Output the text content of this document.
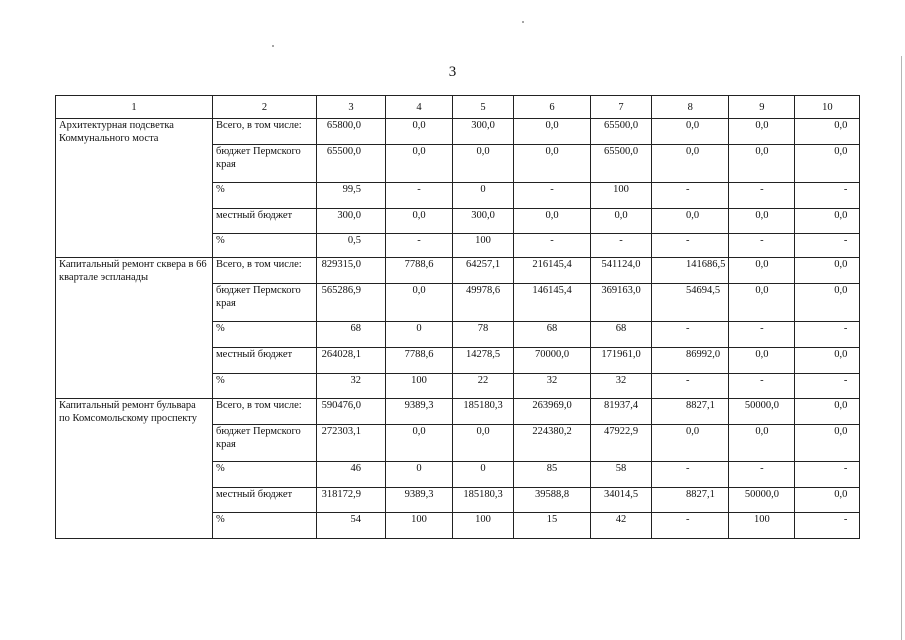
3
1	2	3	4	5	6	7	8	9	10
Архитектурная подсветка Коммунального моста	Всего, в том числе:	65800,0	0,0	300,0	0,0	65500,0	0,0	0,0	0,0
	бюджет Пермского края	65500,0	0,0	0,0	0,0	65500,0	0,0	0,0	0,0
	%	99,5	-	0	-	100	-	-	-
	местный бюджет	300,0	0,0	300,0	0,0	0,0	0,0	0,0	0,0
	%	0,5	-	100	-	-	-	-	-
Капитальный ремонт сквера в 66 квартале эспланады	Всего, в том числе:	829315,0	7788,6	64257,1	216145,4	541124,0	141686,5	0,0	0,0
	бюджет Пермского края	565286,9	0,0	49978,6	146145,4	369163,0	54694,5	0,0	0,0
	%	68	0	78	68	68	-	-	-
	местный бюджет	264028,1	7788,6	14278,5	70000,0	171961,0	86992,0	0,0	0,0
	%	32	100	22	32	32	-	-	-
Капитальный ремонт бульвара по Комсомольскому проспекту	Всего, в том числе:	590476,0	9389,3	185180,3	263969,0	81937,4	8827,1	50000,0	0,0
	бюджет Пермского края	272303,1	0,0	0,0	224380,2	47922,9	0,0	0,0	0,0
	%	46	0	0	85	58	-	-	-
	местный бюджет	318172,9	9389,3	185180,3	39588,8	34014,5	8827,1	50000,0	0,0
	%	54	100	100	15	42	-	100	-
